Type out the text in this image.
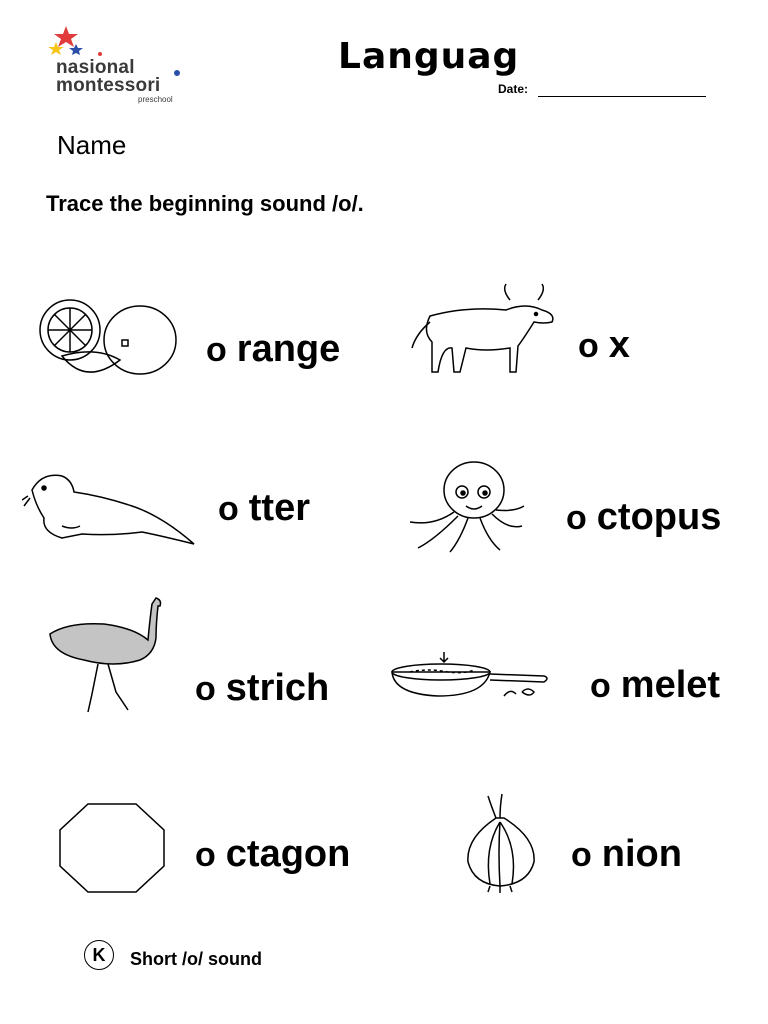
nasional
montessori
preschool
Languag
Date:
Name
Trace the beginning sound /o/.
o range	o x
o tter	o ctopus
o strich	o melet
o ctagon	o nion
K	Short /o/ sound
